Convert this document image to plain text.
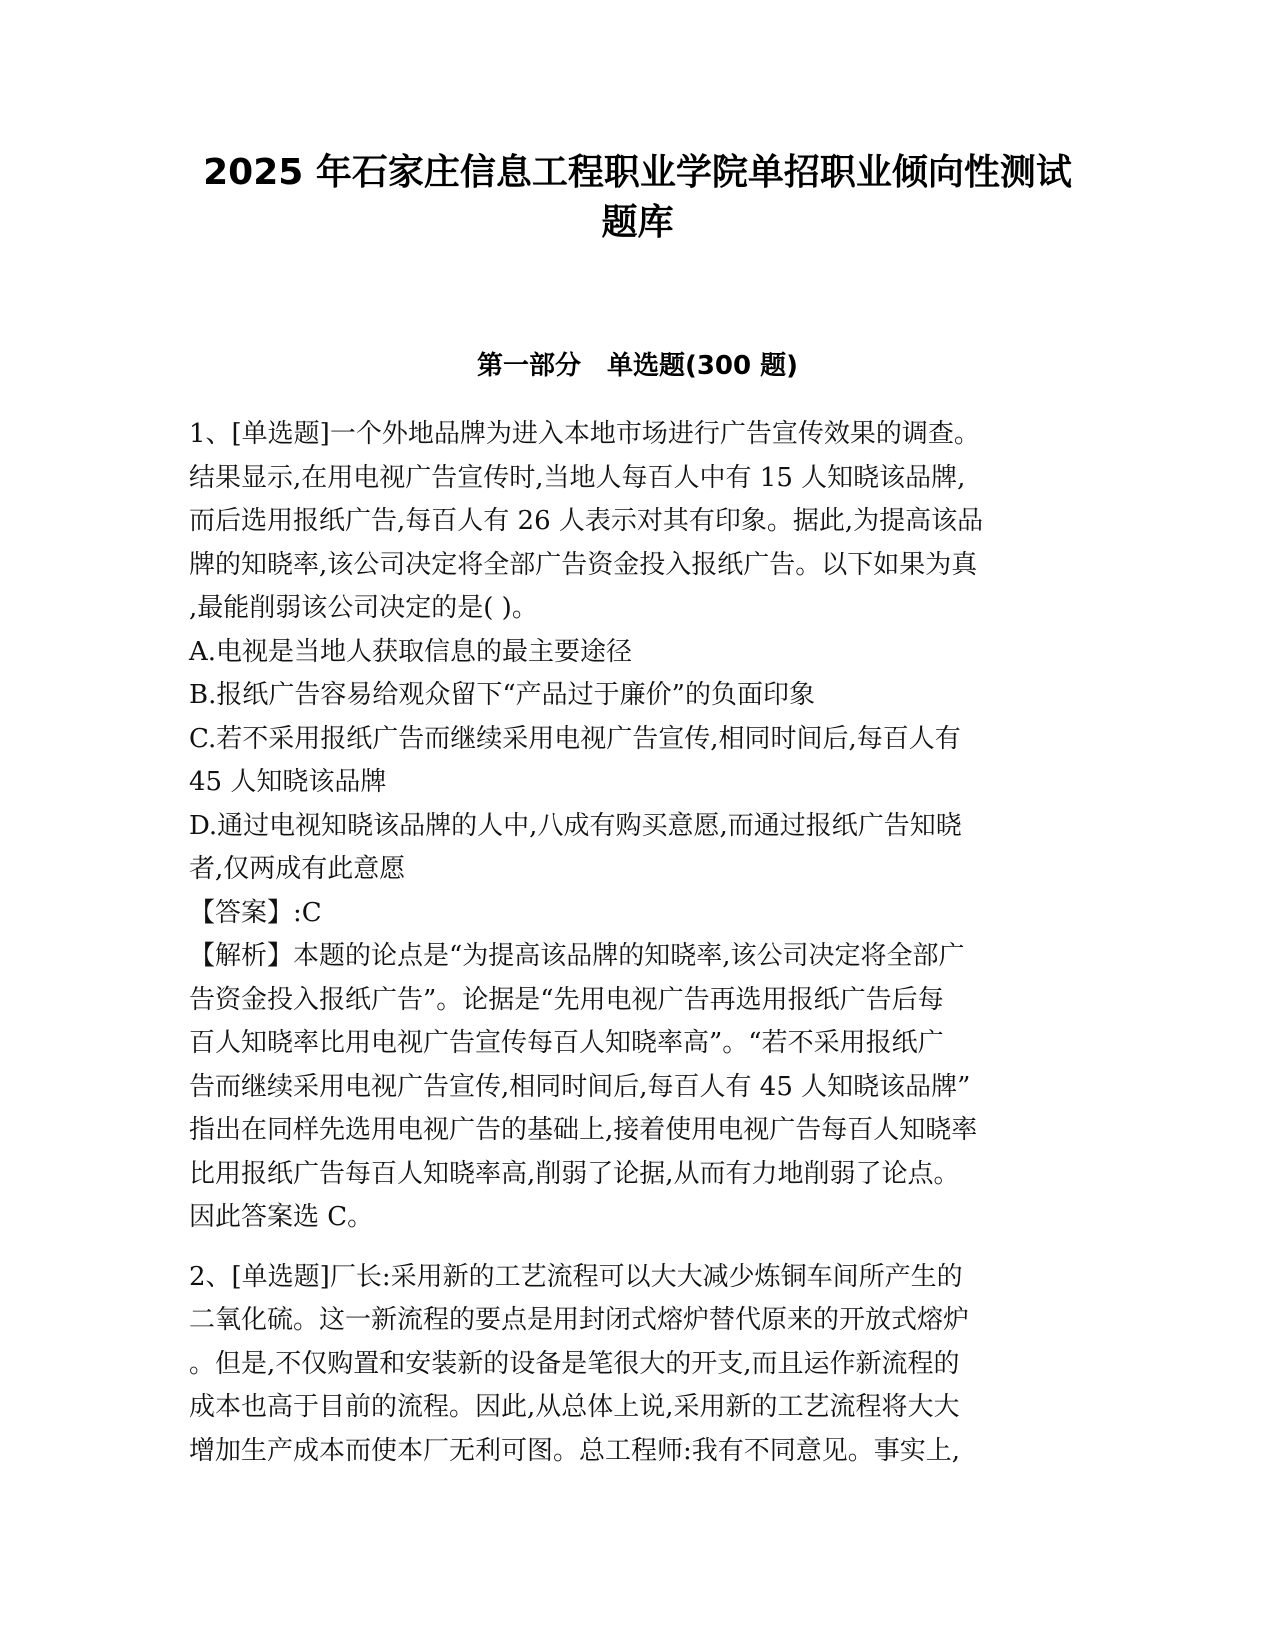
2025 年石家庄信息工程职业学院单招职业倾向性测试
题库
第一部分 单选题(300 题)
1、[单选题]一个外地品牌为进入本地市场进行广告宣传效果的调查。
结果显示,在用电视广告宣传时,当地人每百人中有 15 人知晓该品牌,
而后选用报纸广告,每百人有 26 人表示对其有印象。据此,为提高该品
牌的知晓率,该公司决定将全部广告资金投入报纸广告。以下如果为真
,最能削弱该公司决定的是( )。
A.电视是当地人获取信息的最主要途径
B.报纸广告容易给观众留下“产品过于廉价”的负面印象
C.若不采用报纸广告而继续采用电视广告宣传,相同时间后,每百人有
45 人知晓该品牌
D.通过电视知晓该品牌的人中,八成有购买意愿,而通过报纸广告知晓
者,仅两成有此意愿
【答案】:C
【解析】本题的论点是“为提高该品牌的知晓率,该公司决定将全部广
告资金投入报纸广告”。论据是“先用电视广告再选用报纸广告后每
百人知晓率比用电视广告宣传每百人知晓率高”。“若不采用报纸广
告而继续采用电视广告宣传,相同时间后,每百人有 45 人知晓该品牌”
指出在同样先选用电视广告的基础上,接着使用电视广告每百人知晓率
比用报纸广告每百人知晓率高,削弱了论据,从而有力地削弱了论点。
因此答案选 C。
2、[单选题]厂长:采用新的工艺流程可以大大减少炼铜车间所产生的
二氧化硫。这一新流程的要点是用封闭式熔炉替代原来的开放式熔炉
。但是,不仅购置和安装新的设备是笔很大的开支,而且运作新流程的
成本也高于目前的流程。因此,从总体上说,采用新的工艺流程将大大
增加生产成本而使本厂无利可图。总工程师:我有不同意见。事实上,
